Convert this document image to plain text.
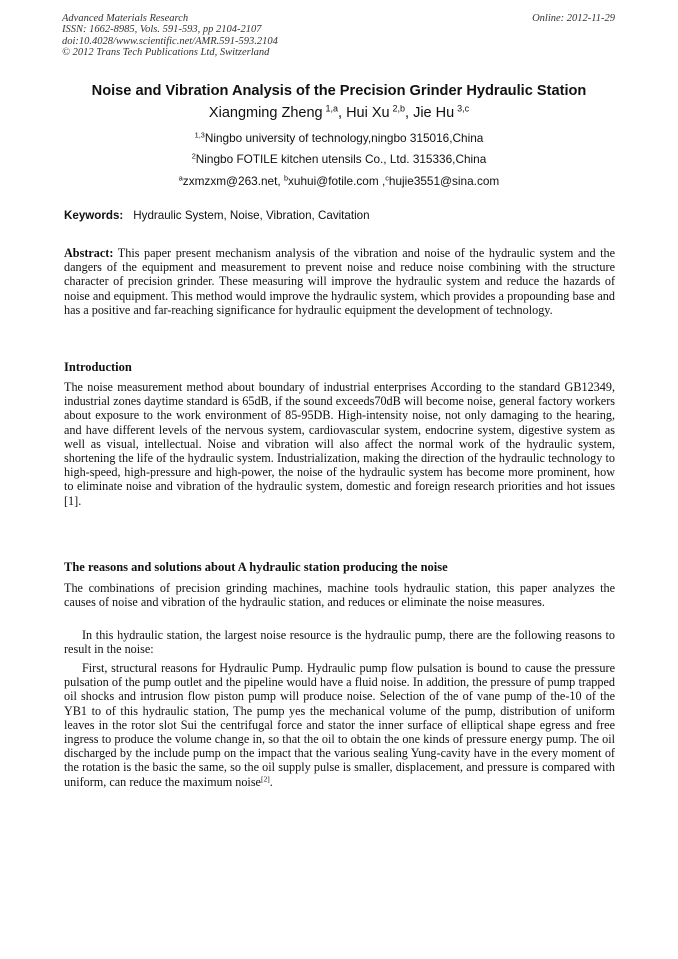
Advanced Materials Research
ISSN: 1662-8985, Vols. 591-593, pp 2104-2107
doi:10.4028/www.scientific.net/AMR.591-593.2104
© 2012 Trans Tech Publications Ltd, Switzerland
Online: 2012-11-29
Noise and Vibration Analysis of the Precision Grinder Hydraulic Station
Xiangming Zheng  $^{1,a}$, Hui Xu  $^{2,b}$, Jie Hu  $^{3,c}$
$^{1,3}$Ningbo university of technology,ningbo 315016,China
$^2$Ningbo FOTILE kitchen utensils Co., Ltd. 315336,China
$^a$zxmzxm@263.net, $^b$xuhui@fotile.com ,$^c$hujie3551@sina.com
Keywords: Hydraulic System, Noise, Vibration, Cavitation
Abstract: This paper present mechanism analysis of the vibration and noise of the hydraulic system and the dangers of the equipment and measurement to prevent noise and reduce noise combining with the structure character of precision grinder. These measuring will improve the hydraulic system and reduce the hazards of noise and equipment. This method would improve the hydraulic system, which provides a propounding base and has a positive and far-reaching significance for hydraulic equipment the development of technology.
Introduction
The noise measurement method about boundary of industrial enterprises According to the standard GB12349, industrial zones daytime standard is 65dB, if the sound exceeds70dB will become noise, general factory workers about exposure to the work environment of 85-95DB. High-intensity noise, not only damaging to the hearing, and have different levels of the nervous system, cardiovascular system, endocrine system, digestive system as well as visual, intellectual. Noise and vibration will also affect the normal work of the hydraulic system, shortening the life of the hydraulic system. Industrialization, making the direction of the hydraulic technology to high-speed, high-pressure and high-power, the noise of the hydraulic system has become more prominent, how to eliminate noise and vibration of the hydraulic system, domestic and foreign research priorities and hot issues [1].
The reasons and solutions about A hydraulic station producing the noise
The combinations of precision grinding machines, machine tools hydraulic station, this paper analyzes the causes of noise and vibration of the hydraulic station, and reduces or eliminate the noise measures.
In this hydraulic station, the largest noise resource is the hydraulic pump, there are the following reasons to result in the noise:
First, structural reasons for Hydraulic Pump. Hydraulic pump flow pulsation is bound to cause the pressure pulsation of the pump outlet and the pipeline would have a fluid noise. In addition, the pressure of pump trapped oil shocks and intrusion flow piston pump will produce noise. Selection of the of vane pump of the-10 of the YB1 to of this hydraulic station, The pump yes the mechanical volume of the pump, distribution of uniform leaves in the rotor slot Sui the centrifugal force and stator the inner surface of elliptical shape egress and free ingress to produce the volume change in, so that the oil to obtain the one kinds of pressure energy pump. The oil discharged by the include pump on the impact that the various sealing Yung-cavity have in the every moment of the rotation is the basic the same, so the oil supply pulse is smaller, displacement, and pressure is compared with uniform, can reduce the maximum noise[2].
